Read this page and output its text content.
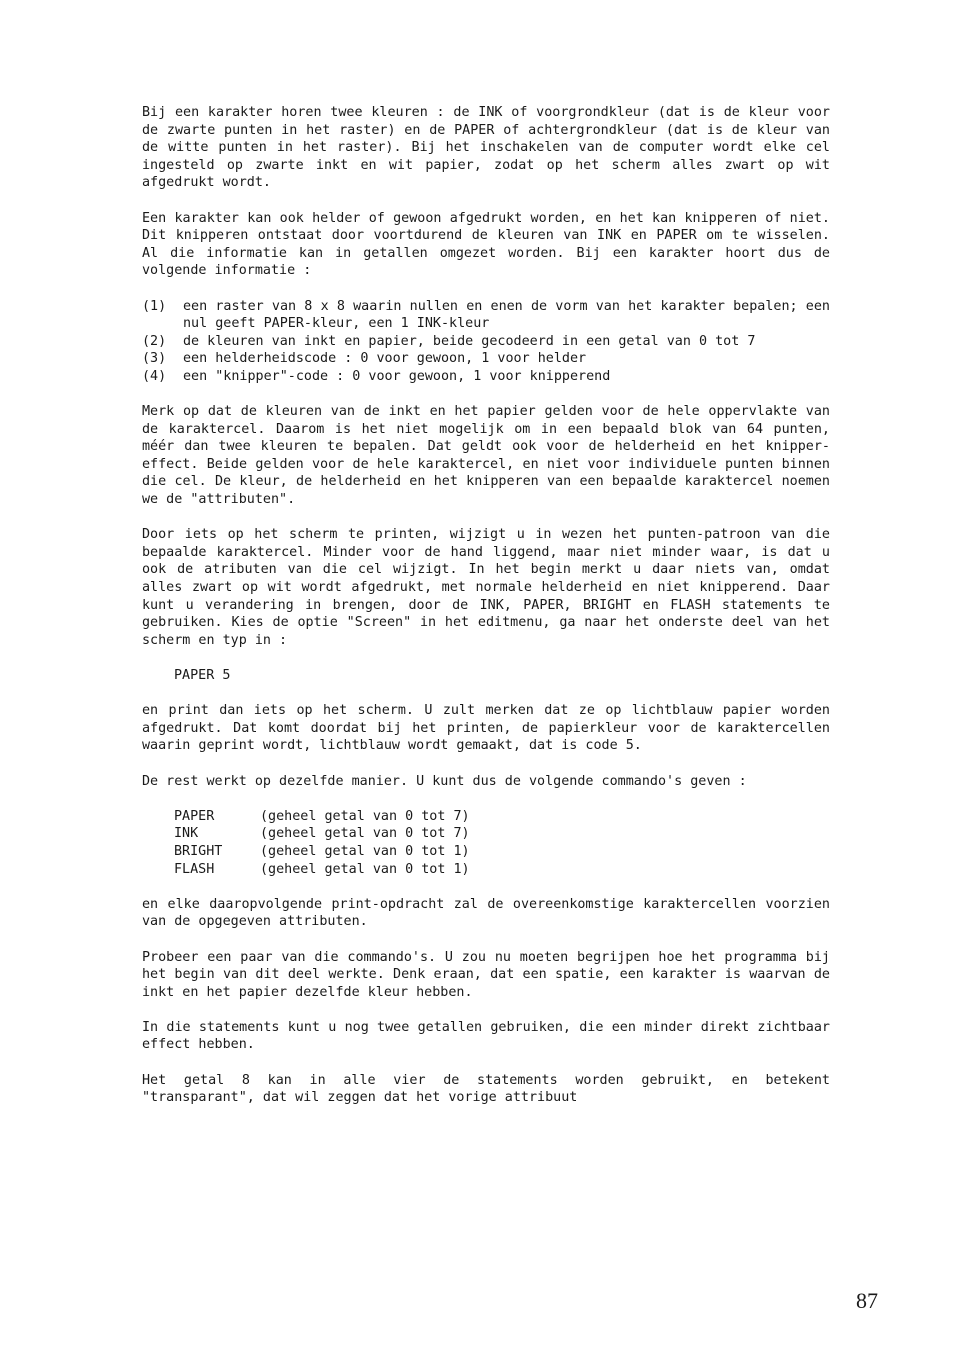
Bij een karakter horen twee kleuren : de INK of voorgrondkleur (dat is de kleur voor de zwarte punten in het raster) en de PAPER of achtergrondkleur (dat is de kleur van de witte punten in het raster). Bij het inschakelen van de computer wordt elke cel ingesteld op zwarte inkt en wit papier, zodat op het scherm alles zwart op wit afgedrukt wordt.

Een karakter kan ook helder of gewoon afgedrukt worden, en het kan knipperen of niet. Dit knipperen ontstaat door voortdurend de kleuren van INK en PAPER om te wisselen. Al die informatie kan in getallen omgezet worden. Bij een karakter hoort dus de volgende informatie :

(1)	een raster van 8 x 8 waarin nullen en enen de vorm van het karakter bepalen; een nul geeft PAPER-kleur, een 1 INK-kleur
(2)	de kleuren van inkt en papier, beide gecodeerd in een getal van 0 tot 7
(3)	een helderheidscode : 0 voor gewoon, 1 voor helder
(4)	een "knipper"-code : 0 voor gewoon, 1 voor knipperend

Merk op dat de kleuren van de inkt en het papier gelden voor de hele oppervlakte van de karaktercel. Daarom is het niet mogelijk om in een bepaald blok van 64 punten, méér dan twee kleuren te bepalen. Dat geldt ook voor de helderheid en het knipper-effect. Beide gelden voor de hele karaktercel, en niet voor individuele punten binnen die cel. De kleur, de helderheid en het knipperen van een bepaalde karaktercel noemen we de "attributen".

Door iets op het scherm te printen, wijzigt u in wezen het punten-patroon van die bepaalde karaktercel. Minder voor de hand liggend, maar niet minder waar, is dat u ook de atributen van die cel wijzigt. In het begin merkt u daar niets van, omdat alles zwart op wit wordt afgedrukt, met normale helderheid en niet knipperend. Daar kunt u verandering in brengen, door de INK, PAPER, BRIGHT en FLASH statements te gebruiken. Kies de optie "Screen" in het editmenu, ga naar het onderste deel van het scherm en typ in :

PAPER 5

en print dan iets op het scherm. U zult merken dat ze op lichtblauw papier worden afgedrukt. Dat komt doordat bij het printen, de papierkleur voor de karaktercellen waarin geprint wordt, lichtblauw wordt gemaakt, dat is code 5.

De rest werkt op dezelfde manier. U kunt dus de volgende commando's geven :

PAPER	(geheel getal van 0 tot 7)
INK	(geheel getal van 0 tot 7)
BRIGHT	(geheel getal van 0 tot 1)
FLASH	(geheel getal van 0 tot 1)

en elke daaropvolgende print-opdracht zal de overeenkomstige karaktercellen voorzien van de opgegeven attributen.

Probeer een paar van die commando's. U zou nu moeten begrijpen hoe het programma bij het begin van dit deel werkte. Denk eraan, dat een spatie, een karakter is waarvan de inkt en het papier dezelfde kleur hebben.

In die statements kunt u nog twee getallen gebruiken, die een minder direkt zichtbaar effect hebben.

Het getal 8 kan in alle vier de statements worden gebruikt, en betekent "transparant", dat wil zeggen dat het vorige attribuut

87
